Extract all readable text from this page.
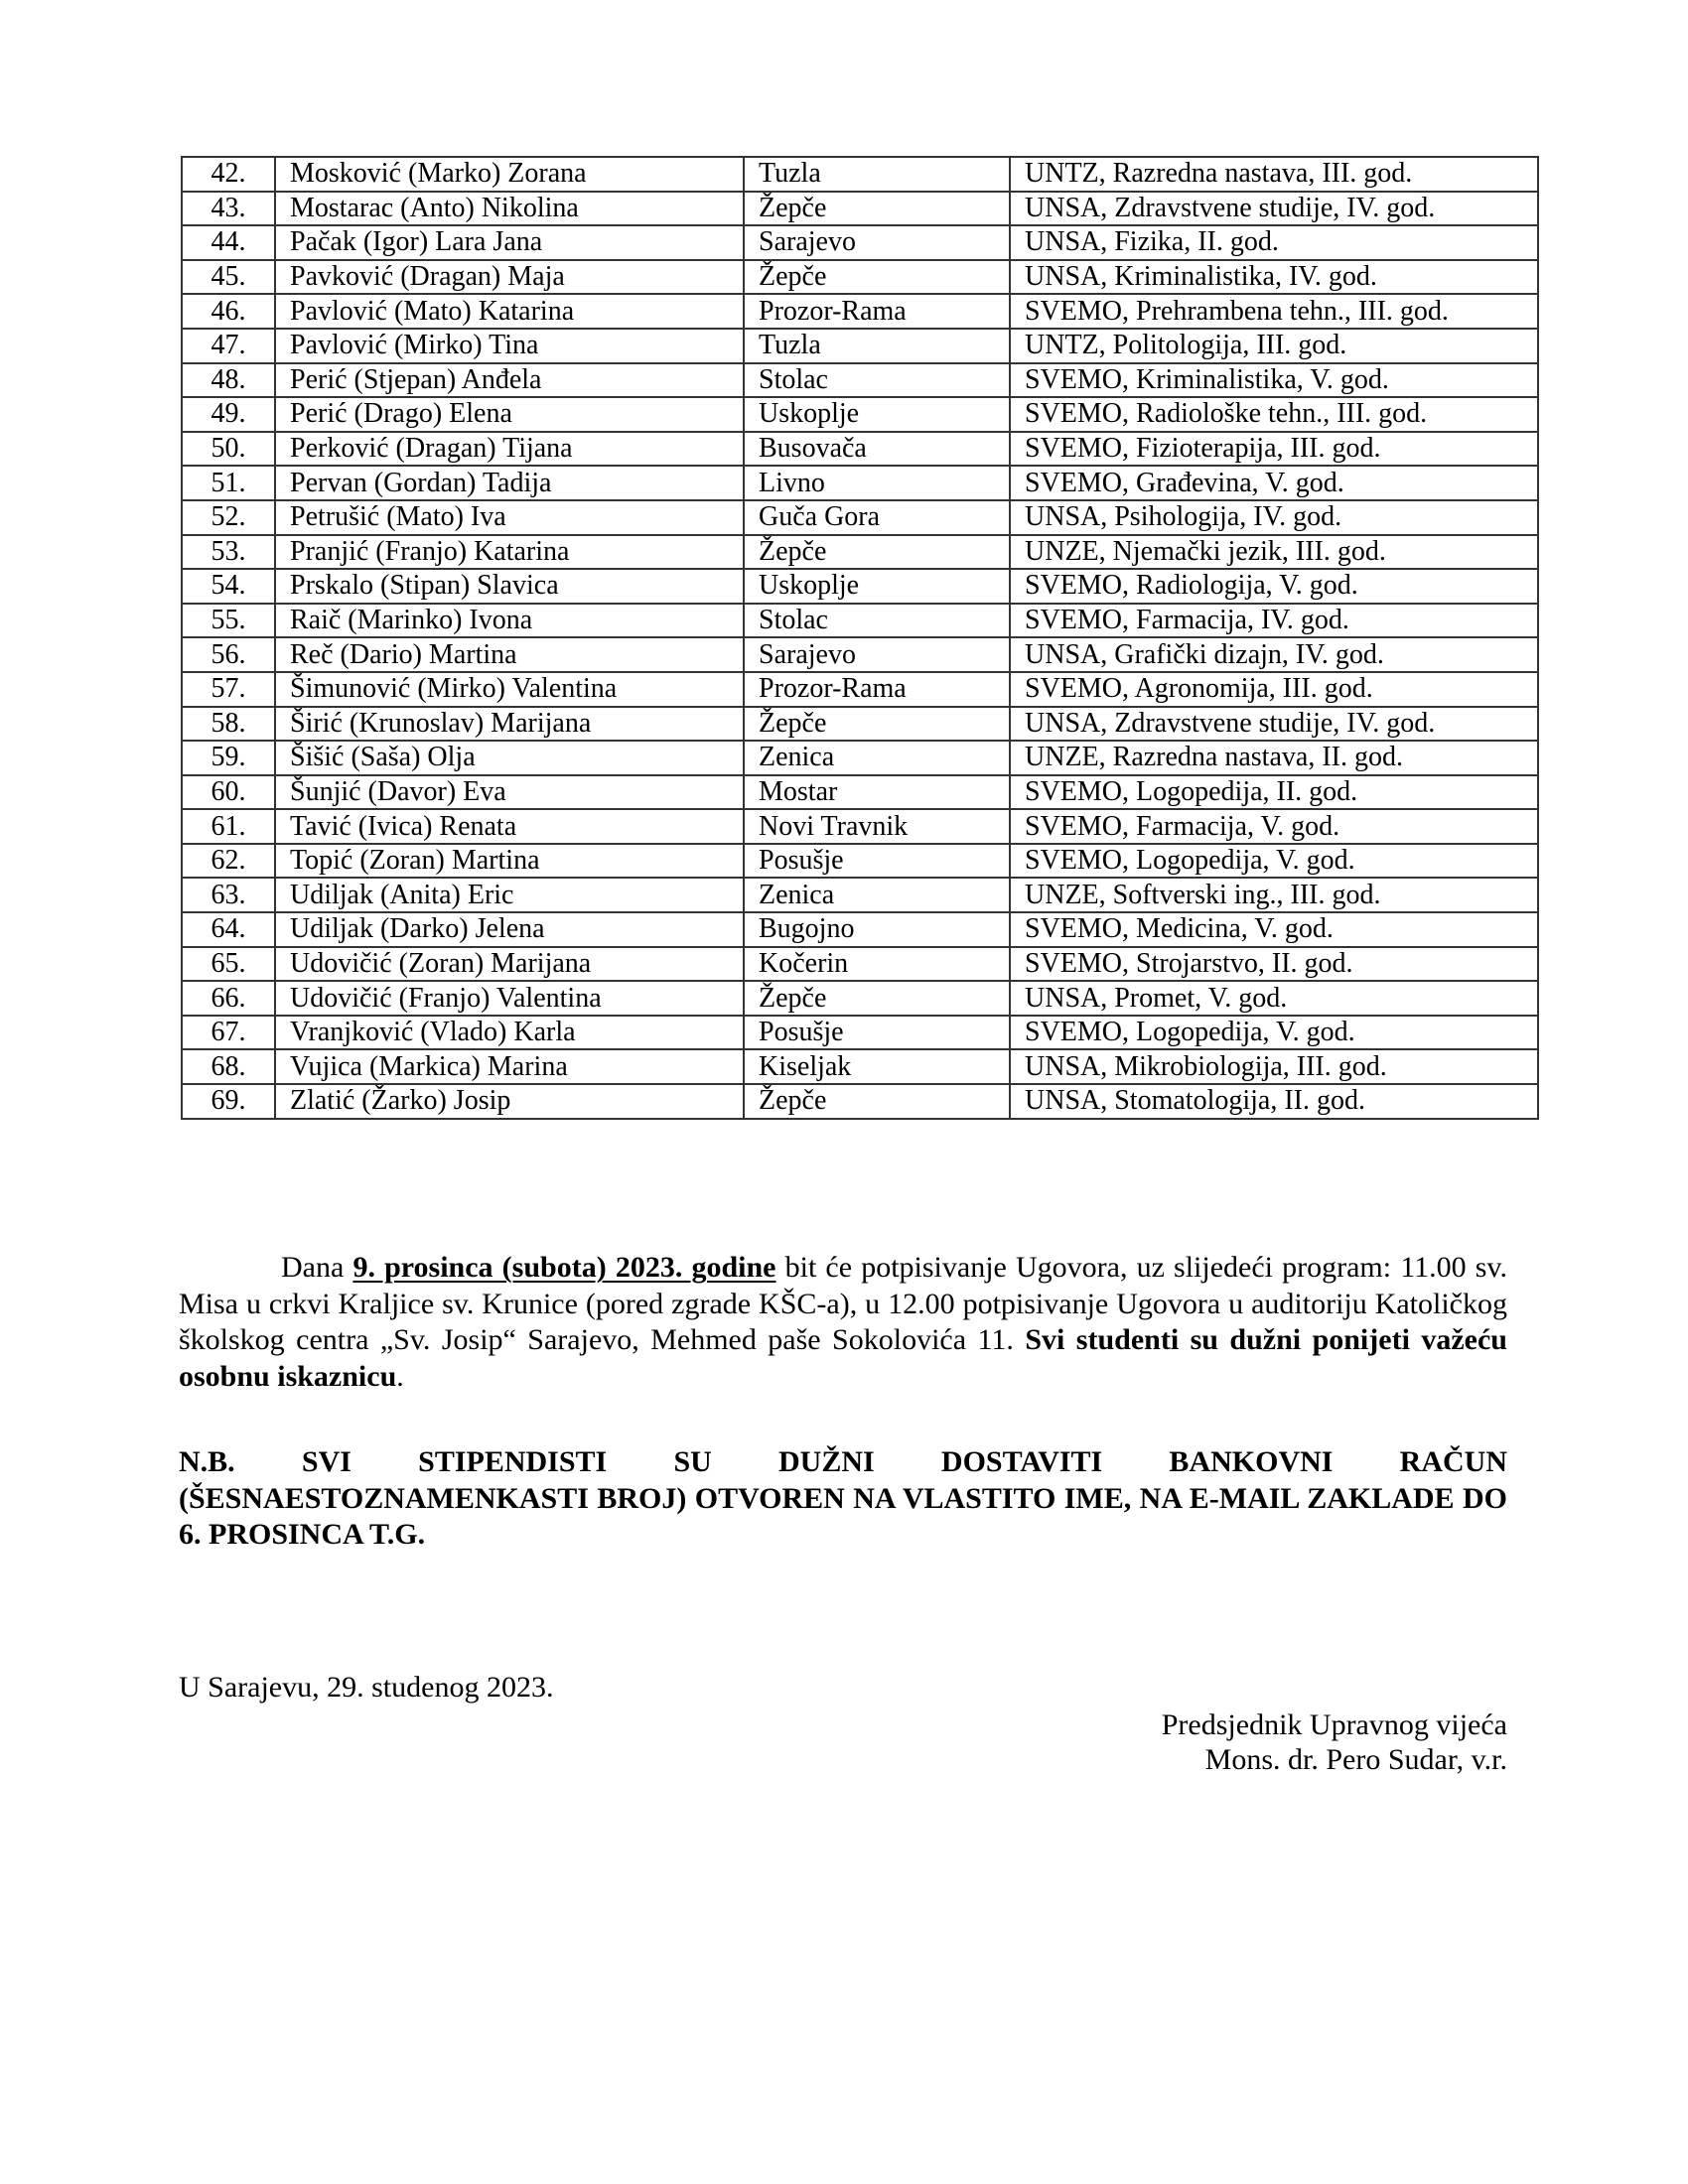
42.	Mosković (Marko) Zorana	Tuzla	UNTZ, Razredna nastava, III. god.
43.	Mostarac (Anto) Nikolina	Žepče	UNSA, Zdravstvene studije, IV. god.
44.	Pačak (Igor) Lara Jana	Sarajevo	UNSA, Fizika, II. god.
45.	Pavković (Dragan) Maja	Žepče	UNSA, Kriminalistika, IV. god.
46.	Pavlović (Mato) Katarina	Prozor-Rama	SVEMO, Prehrambena tehn., III. god.
47.	Pavlović (Mirko) Tina	Tuzla	UNTZ, Politologija, III. god.
48.	Perić (Stjepan) Anđela	Stolac	SVEMO, Kriminalistika, V. god.
49.	Perić (Drago) Elena	Uskoplje	SVEMO, Radiološke tehn., III. god.
50.	Perković (Dragan) Tijana	Busovača	SVEMO, Fizioterapija, III. god.
51.	Pervan (Gordan) Tadija	Livno	SVEMO, Građevina, V. god.
52.	Petrušić (Mato) Iva	Guča Gora	UNSA, Psihologija, IV. god.
53.	Pranjić (Franjo) Katarina	Žepče	UNZE, Njemački jezik, III. god.
54.	Prskalo (Stipan) Slavica	Uskoplje	SVEMO, Radiologija, V. god.
55.	Raič (Marinko) Ivona	Stolac	SVEMO, Farmacija, IV. god.
56.	Reč (Dario) Martina	Sarajevo	UNSA, Grafički dizajn, IV. god.
57.	Šimunović (Mirko) Valentina	Prozor-Rama	SVEMO, Agronomija, III. god.
58.	Širić (Krunoslav) Marijana	Žepče	UNSA, Zdravstvene studije, IV. god.
59.	Šišić (Saša) Olja	Zenica	UNZE, Razredna nastava, II. god.
60.	Šunjić (Davor) Eva	Mostar	SVEMO, Logopedija, II. god.
61.	Tavić (Ivica) Renata	Novi Travnik	SVEMO, Farmacija, V. god.
62.	Topić (Zoran) Martina	Posušje	SVEMO, Logopedija, V. god.
63.	Udiljak (Anita) Eric	Zenica	UNZE, Softverski ing., III. god.
64.	Udiljak (Darko) Jelena	Bugojno	SVEMO, Medicina, V. god.
65.	Udovičić (Zoran) Marijana	Kočerin	SVEMO, Strojarstvo, II. god.
66.	Udovičić (Franjo) Valentina	Žepče	UNSA, Promet, V. god.
67.	Vranjković (Vlado) Karla	Posušje	SVEMO, Logopedija, V. god.
68.	Vujica (Markica) Marina	Kiseljak	UNSA, Mikrobiologija, III. god.
69.	Zlatić (Žarko) Josip	Žepče	UNSA, Stomatologija, II. god.
Dana 9. prosinca (subota) 2023. godine bit će potpisivanje Ugovora, uz slijedeći program: 11.00 sv. Misa u crkvi Kraljice sv. Krunice (pored zgrade KŠC-a), u 12.00 potpisivanje Ugovora u auditoriju Katoličkog školskog centra „Sv. Josip“ Sarajevo, Mehmed paše Sokolovića 11. Svi studenti su dužni ponijeti važeću osobnu iskaznicu.
N.B. SVI STIPENDISTI SU DUŽNI DOSTAVITI BANKOVNI RAČUN (ŠESNAESTOZNAMENKASTI BROJ) OTVOREN NA VLASTITO IME, NA E-MAIL ZAKLADE DO 6. PROSINCA T.G.
U Sarajevu, 29. studenog 2023.
Predsjednik Upravnog vijeća
Mons. dr. Pero Sudar, v.r.
